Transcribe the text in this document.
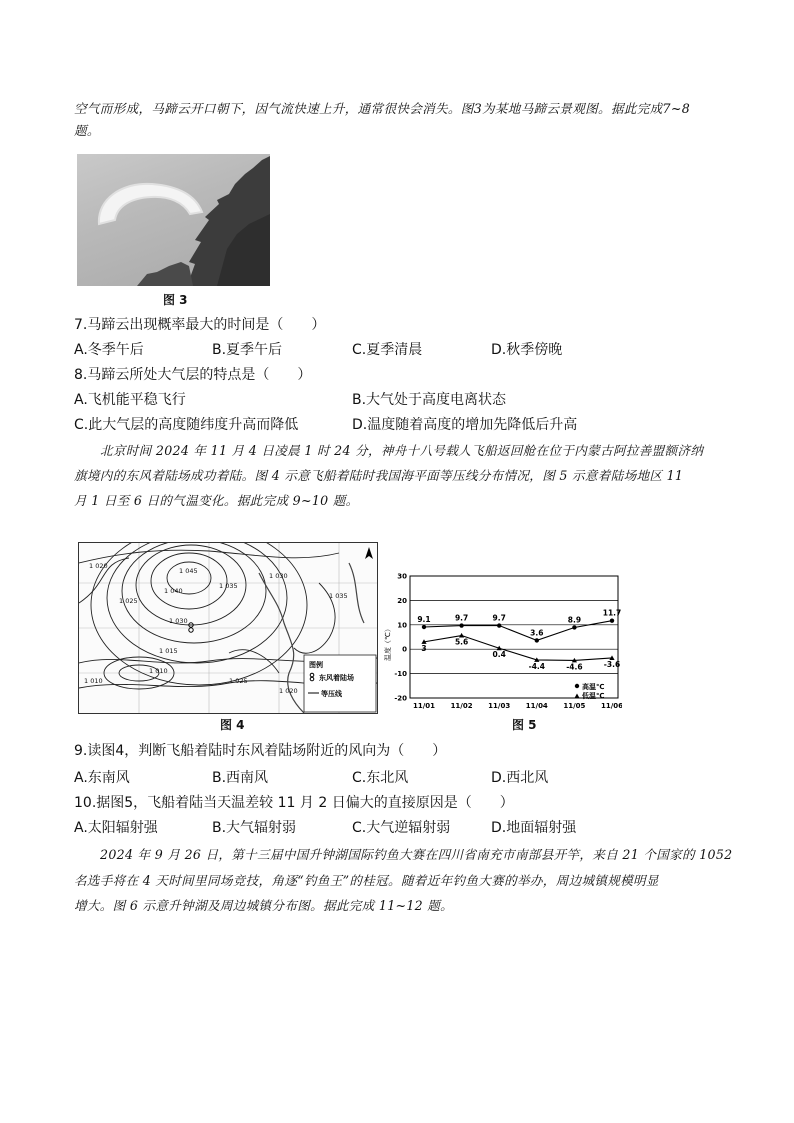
空气而形成，马蹄云开口朝下，因气流快速上升，通常很快会消失。图3为某地马蹄云景观图。据此完成7~8
题。
图 3
7.马蹄云出现概率最大的时间是（　　）
A.冬季午后	B.夏季午后	C.夏季清晨	D.秋季傍晚
8.马蹄云所处大气层的特点是（　　）
A.飞机能平稳飞行	B.大气处于高度电离状态
C.此大气层的高度随纬度升高而降低	D.温度随着高度的增加先降低后升高
北京时间 2024 年 11 月 4 日凌晨 1 时 24 分，神舟十八号载人飞船返回舱在位于内蒙古阿拉善盟额济纳
旗境内的东风着陆场成功着陆。图 4 示意飞船着陆时我国海平面等压线分布情况，图 5 示意着陆场地区 11
月 1 日至 6 日的气温变化。据此完成 9~10 题。
1 045
1 040
1 035
1 030
1 025
1 020
1 015
1 010	1 025
1 020
1 010
1 030
1 035
图例
东风着陆场
等压线
图 4
30
20
10
0
-10
-20
11/01 11/02 11/03 11/04 11/05 11/06
9.1	9.7	9.7
3.6
8.9
11.7
3
5.6
0.4
-4.4	-4.6	-3.6
温度（℃）
高温℃
低温℃
图 5
9.读图4，判断飞船着陆时东风着陆场附近的风向为（　　）
A.东南风	B.西南风	C.东北风	D.西北风
10.据图5，飞船着陆当天温差较 11 月 2 日偏大的直接原因是（　　）
A.太阳辐射强	B.大气辐射弱	C.大气逆辐射弱	D.地面辐射强
2024 年 9 月 26 日，第十三届中国升钟湖国际钓鱼大赛在四川省南充市南部县开竿，来自 21 个国家的 1052
名选手将在 4 天时间里同场竞技，角逐“钓鱼王”的桂冠。随着近年钓鱼大赛的举办，周边城镇规模明显
增大。图 6 示意升钟湖及周边城镇分布图。据此完成 11~12 题。
